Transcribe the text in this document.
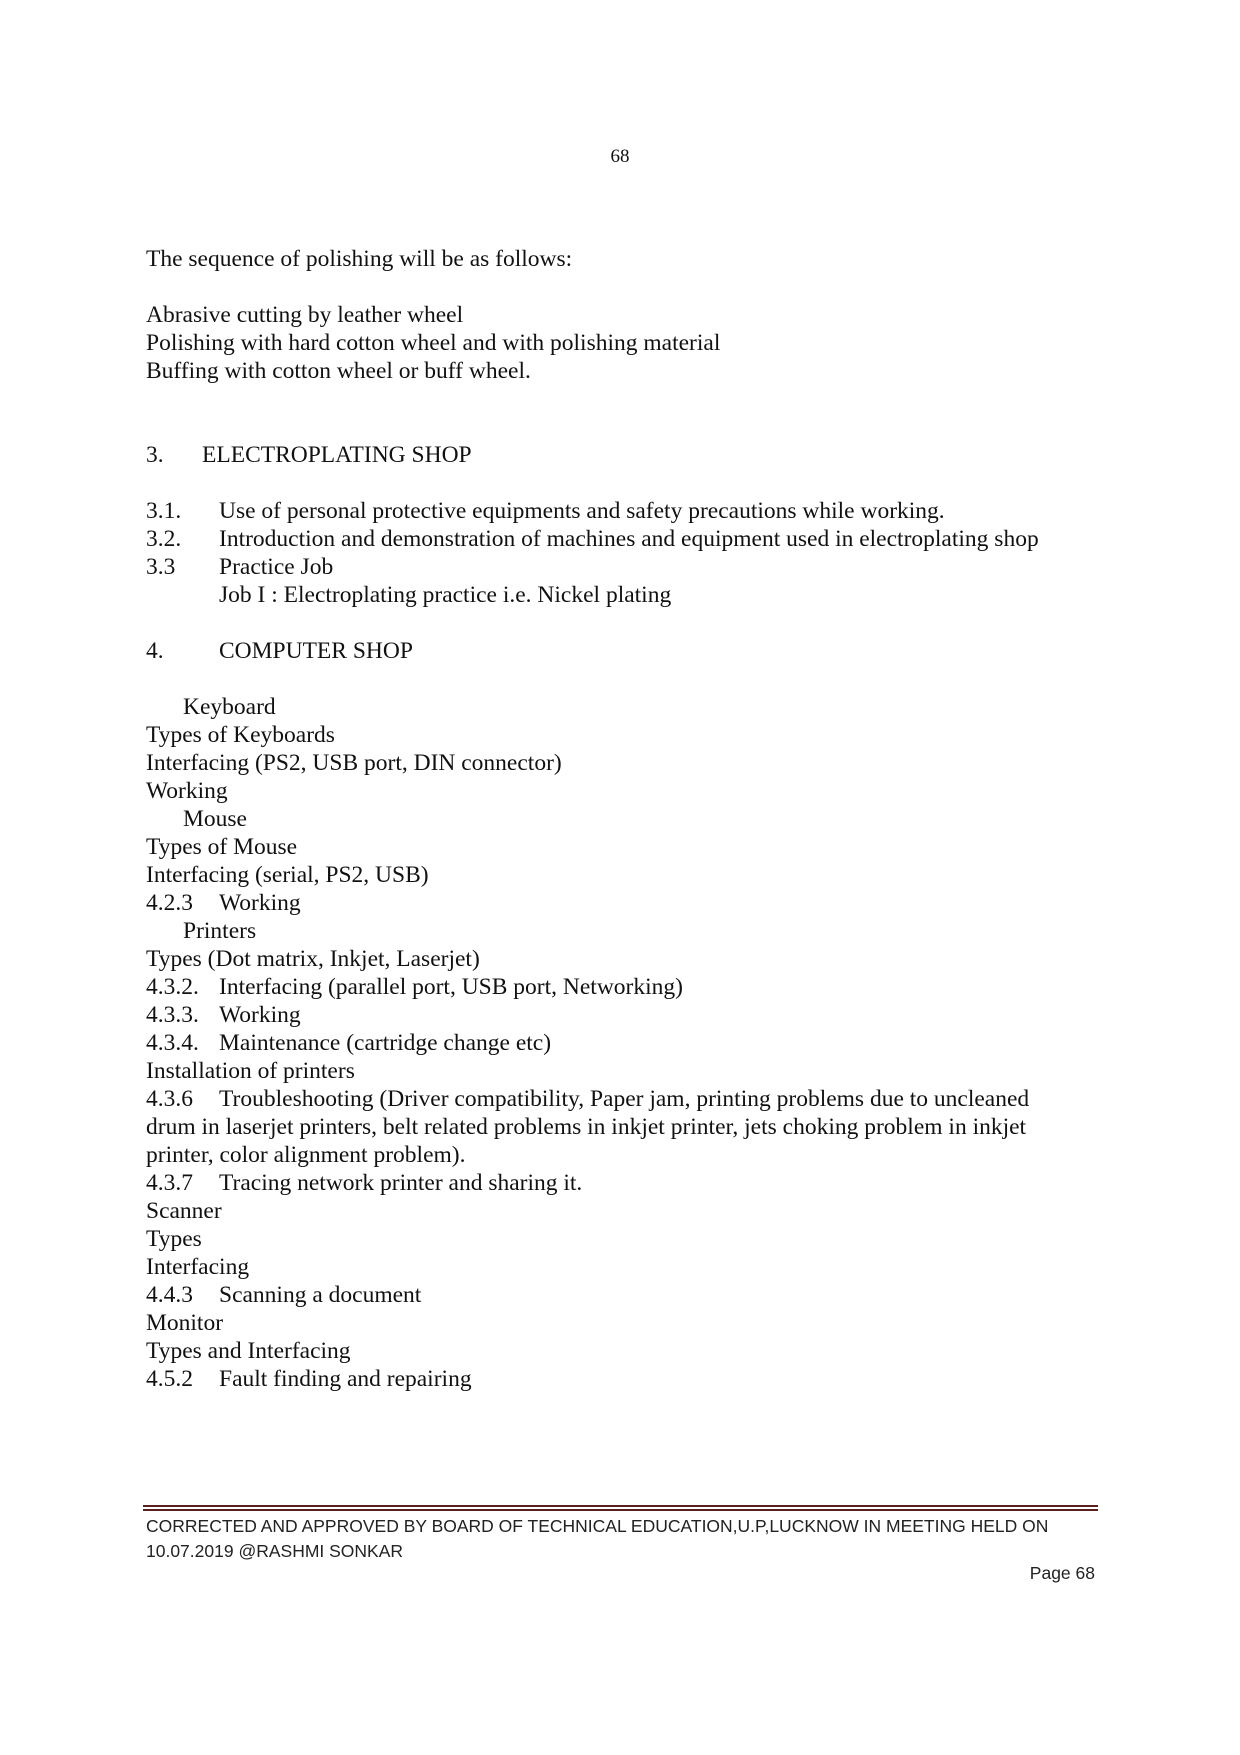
68

The sequence of polishing will be as follows:

Abrasive cutting by leather wheel

Polishing with hard cotton wheel and with polishing material

Buffing with cotton wheel or buff wheel.

3. ELECTROPLATING SHOP

3.1. Use of personal protective equipments and safety precautions while working.

3.2. Introduction and demonstration of machines and equipment used in electroplating shop

3.3 Practice Job

Job I : Electroplating practice i.e. Nickel plating

4. COMPUTER SHOP

Keyboard

Types of Keyboards

Interfacing (PS2, USB port, DIN connector)

Working

Mouse

Types of Mouse

Interfacing (serial, PS2, USB)

4.2.3 Working

Printers

Types (Dot matrix, Inkjet, Laserjet)

4.3.2. Interfacing (parallel port, USB port, Networking)

4.3.3. Working

4.3.4. Maintenance (cartridge change etc)

Installation of printers

4.3.6 Troubleshooting (Driver compatibility, Paper jam, printing problems due to uncleaned drum in laserjet printers, belt related problems in inkjet printer, jets choking problem in inkjet printer, color alignment problem).

4.3.7 Tracing network printer and sharing it.

Scanner

Types

Interfacing

4.4.3 Scanning a document

Monitor

Types and Interfacing

4.5.2 Fault finding and repairing

CORRECTED AND APPROVED BY BOARD OF TECHNICAL EDUCATION,U.P,LUCKNOW IN MEETING HELD ON
10.07.2019 @RASHMI SONKAR
Page 68
